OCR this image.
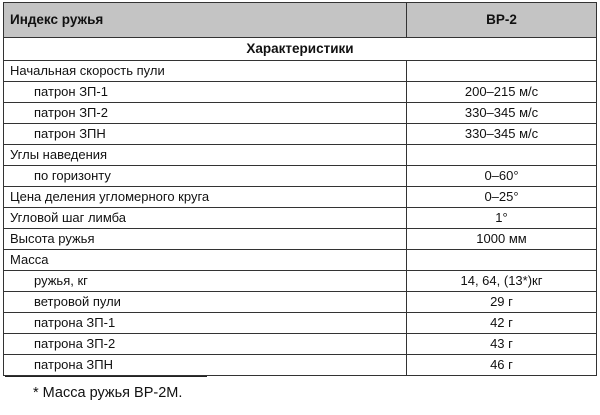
Индекс ружья	ВР-2
Характеристики	
Начальная скорость пули	
патрон ЗП-1	200–215 м/с
патрон ЗП-2	330–345 м/с
патрон ЗПН	330–345 м/с
Углы наведения	
по горизонту	0–60°
Цена деления угломерного круга	0–25°
Угловой шаг лимба	1°
Высота ружья	1000 мм
Масса	
ружья, кг	14, 64, (13*)кг
ветровой пули	29 г
патрона ЗП-1	42 г
патрона ЗП-2	43 г
патрона ЗПН	46 г
* Масса ружья ВР-2М.
